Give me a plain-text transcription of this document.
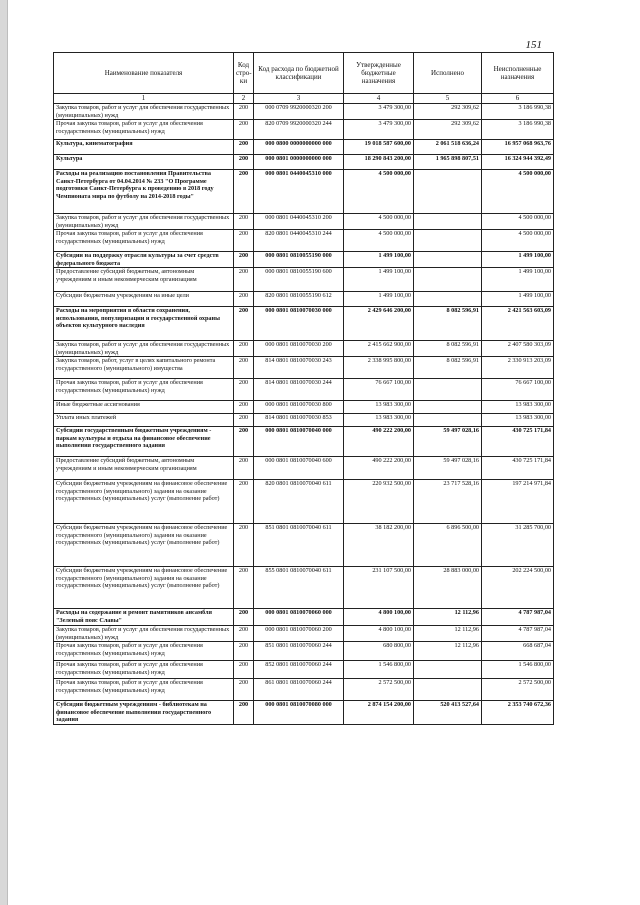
151
Наименование показателя	Код стро-ки	Код расхода по бюджетной классификации	Утвержденные бюджетные назначения	Исполнено	Неисполненные назначения
1	2	3	4	5	6
Закупка товаров, работ и услуг для обеспечения государственных (муниципальных) нужд	200	000 0709 9920000320 200	3 479 300,00	292 309,62	3 186 990,38
Прочая закупка товаров, работ и услуг для обеспечения государственных (муниципальных) нужд	200	820 0709 9920000320 244	3 479 300,00	292 309,62	3 186 990,38
Культура, кинематография	200	000 0800 0000000000 000	19 018 587 600,00	2 061 518 636,24	16 957 068 963,76
Культура	200	000 0801 0000000000 000	18 290 843 200,00	1 965 898 807,51	16 324 944 392,49
Расходы на реализацию постановления Правительства Санкт-Петербурга от 04.04.2014 № 233 "О Программе подготовки Санкт-Петербурга к проведению в 2018 году Чемпионата мира по футболу на 2014-2018 годы"	200	000 0801 0440045310 000	4 500 000,00		4 500 000,00
Закупка товаров, работ и услуг для обеспечения государственных (муниципальных) нужд	200	000 0801 0440045310 200	4 500 000,00		4 500 000,00
Прочая закупка товаров, работ и услуг для обеспечения государственных (муниципальных) нужд	200	820 0801 0440045310 244	4 500 000,00		4 500 000,00
Субсидии на поддержку отрасли культуры за счет средств федерального бюджета	200	000 0801 0810055190 000	1 499 100,00		1 499 100,00
Предоставление субсидий бюджетным, автономным учреждениям и иным некоммерческим организациям	200	000 0801 0810055190 600	1 499 100,00		1 499 100,00
Субсидии бюджетным учреждениям на иные цели	200	820 0801 0810055190 612	1 499 100,00		1 499 100,00
Расходы на мероприятия в области сохранения, использования, популяризации и государственной охраны объектов культурного наследия	200	000 0801 0810070030 000	2 429 646 200,00	8 082 596,91	2 421 563 603,09
Закупка товаров, работ и услуг для обеспечения государственных (муниципальных) нужд	200	000 0801 0810070030 200	2 415 662 900,00	8 082 596,91	2 407 580 303,09
Закупка товаров, работ, услуг в целях капитального ремонта государственного (муниципального) имущества	200	814 0801 0810070030 243	2 338 995 800,00	8 082 596,91	2 330 913 203,09
Прочая закупка товаров, работ и услуг для обеспечения государственных (муниципальных) нужд	200	814 0801 0810070030 244	76 667 100,00		76 667 100,00
Иные бюджетные ассигнования	200	000 0801 0810070030 800	13 983 300,00		13 983 300,00
Уплата иных платежей	200	814 0801 0810070030 853	13 983 300,00		13 983 300,00
Субсидии государственным бюджетным учреждениям - паркам культуры и отдыха на финансовое обеспечение выполнения государственного задания	200	000 0801 0810070040 000	490 222 200,00	59 497 028,16	430 725 171,84
Предоставление субсидий бюджетным, автономным учреждениям и иным некоммерческим организациям	200	000 0801 0810070040 600	490 222 200,00	59 497 028,16	430 725 171,84
Субсидии бюджетным учреждениям на финансовое обеспечение государственного (муниципального) задания на оказание государственных (муниципальных) услуг (выполнение работ)	200	820 0801 0810070040 611	220 932 500,00	23 717 528,16	197 214 971,84
Субсидии бюджетным учреждениям на финансовое обеспечение государственного (муниципального) задания на оказание государственных (муниципальных) услуг (выполнение работ)	200	851 0801 0810070040 611	38 182 200,00	6 896 500,00	31 285 700,00
Субсидии бюджетным учреждениям на финансовое обеспечение государственного (муниципального) задания на оказание государственных (муниципальных) услуг (выполнение работ)	200	855 0801 0810070040 611	231 107 500,00	28 883 000,00	202 224 500,00
Расходы на содержание и ремонт памятников ансамбля "Зеленый пояс Славы"	200	000 0801 0810070060 000	4 800 100,00	12 112,96	4 787 987,04
Закупка товаров, работ и услуг для обеспечения государственных (муниципальных) нужд	200	000 0801 0810070060 200	4 800 100,00	12 112,96	4 787 987,04
Прочая закупка товаров, работ и услуг для обеспечения государственных (муниципальных) нужд	200	851 0801 0810070060 244	680 800,00	12 112,96	668 687,04
Прочая закупка товаров, работ и услуг для обеспечения государственных (муниципальных) нужд	200	852 0801 0810070060 244	1 546 800,00		1 546 800,00
Прочая закупка товаров, работ и услуг для обеспечения государственных (муниципальных) нужд	200	861 0801 0810070060 244	2 572 500,00		2 572 500,00
Субсидии бюджетным учреждениям - библиотекам на финансовое обеспечение выполнения государственного задания	200	000 0801 0810070080 000	2 874 154 200,00	520 413 527,64	2 353 740 672,36
